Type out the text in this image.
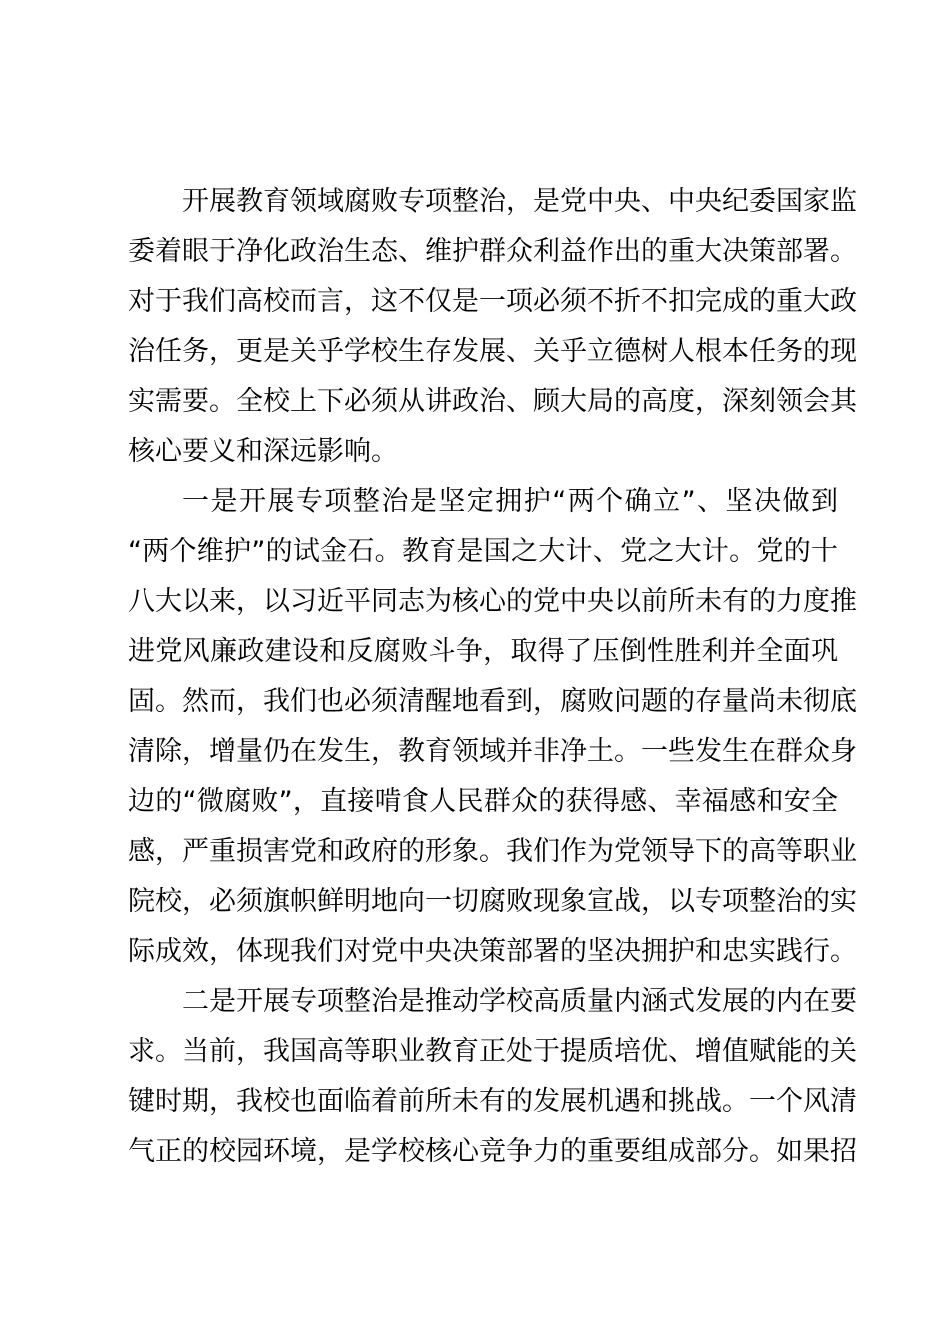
开展教育领域腐败专项整治，是党中央、中央纪委国家监
委着眼于净化政治生态、维护群众利益作出的重大决策部署。
对于我们高校而言，这不仅是一项必须不折不扣完成的重大政
治任务，更是关乎学校生存发展、关乎立德树人根本任务的现
实需要。全校上下必须从讲政治、顾大局的高度，深刻领会其
核心要义和深远影响。
一是开展专项整治是坚定拥护“两个确立”、坚决做到
“两个维护”的试金石。教育是国之大计、党之大计。党的十
八大以来，以习近平同志为核心的党中央以前所未有的力度推
进党风廉政建设和反腐败斗争，取得了压倒性胜利并全面巩
固。然而，我们也必须清醒地看到，腐败问题的存量尚未彻底
清除，增量仍在发生，教育领域并非净土。一些发生在群众身
边的“微腐败”，直接啃食人民群众的获得感、幸福感和安全
感，严重损害党和政府的形象。我们作为党领导下的高等职业
院校，必须旗帜鲜明地向一切腐败现象宣战，以专项整治的实
际成效，体现我们对党中央决策部署的坚决拥护和忠实践行。
二是开展专项整治是推动学校高质量内涵式发展的内在要
求。当前，我国高等职业教育正处于提质培优、增值赋能的关
键时期，我校也面临着前所未有的发展机遇和挑战。一个风清
气正的校园环境，是学校核心竞争力的重要组成部分。如果招
